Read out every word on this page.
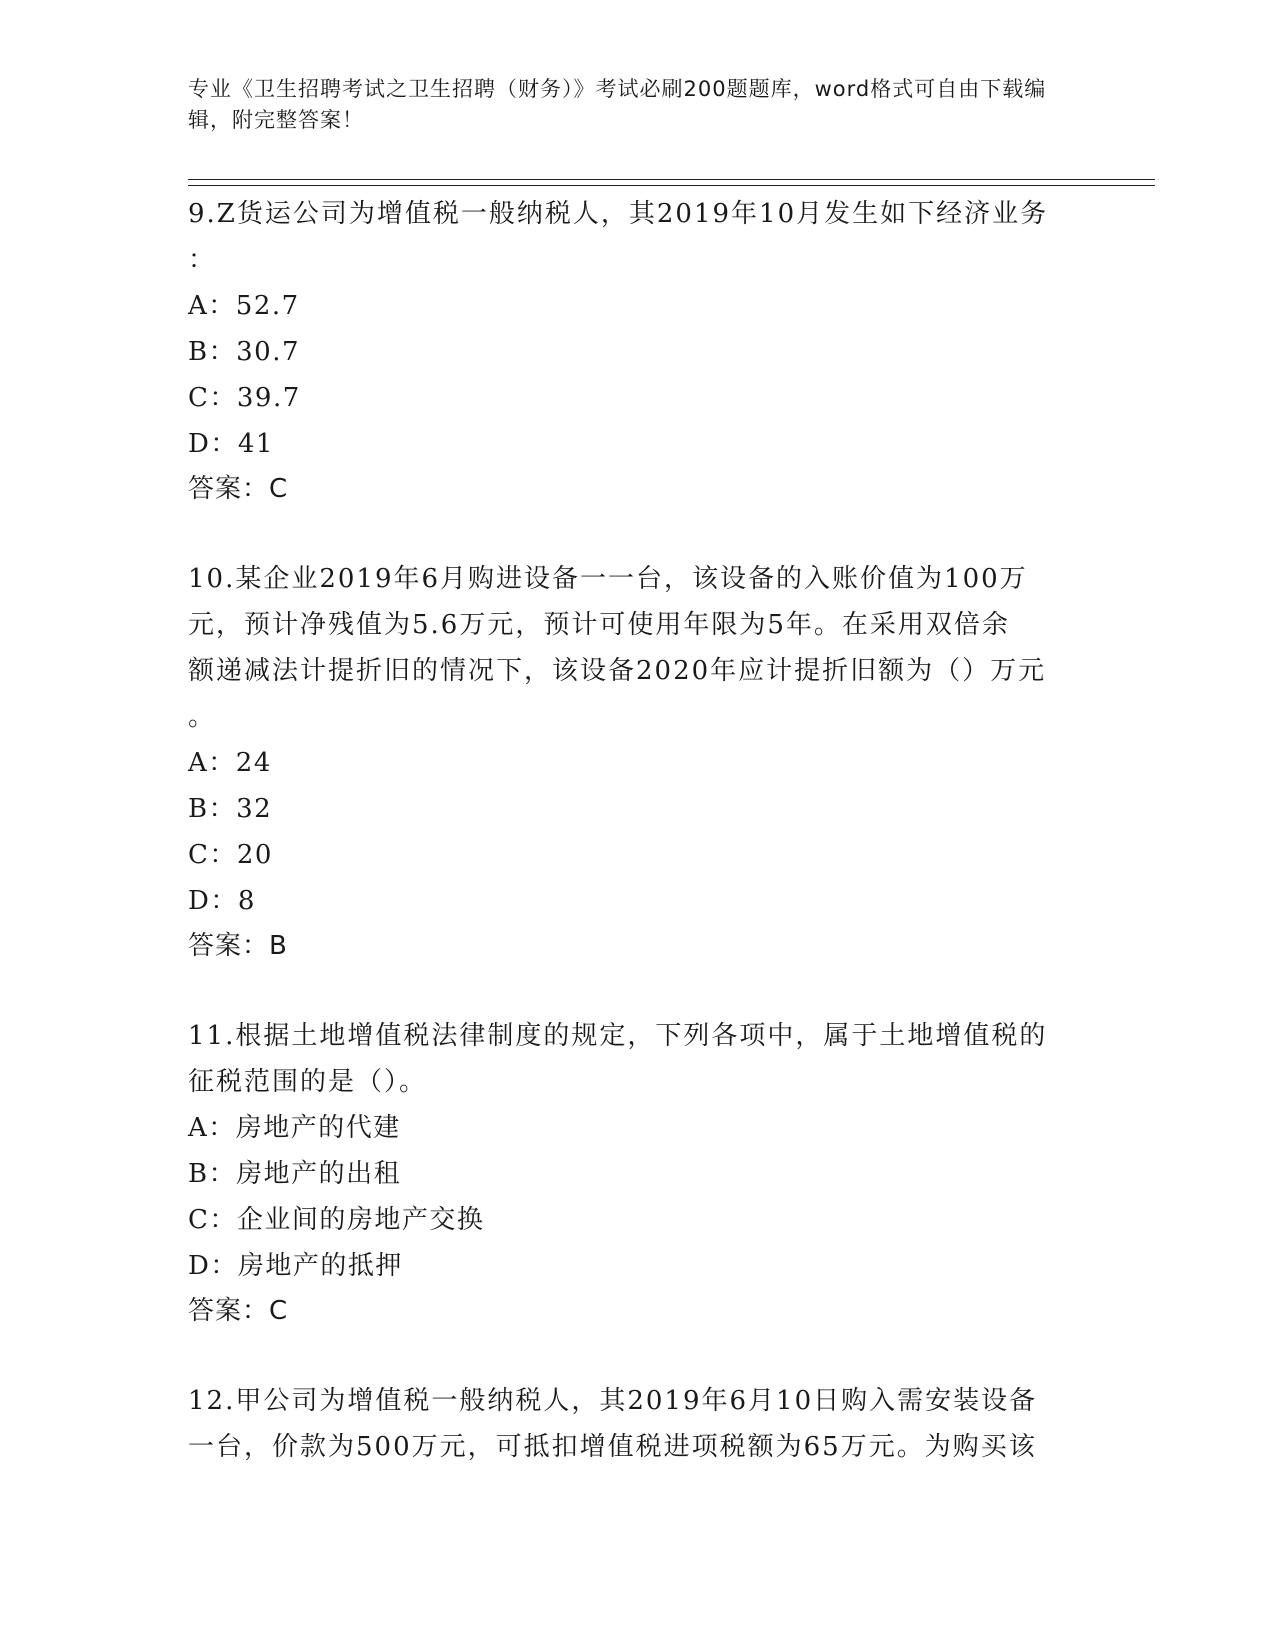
专业《卫生招聘考试之卫生招聘（财务）》考试必刷200题题库，word格式可自由下载编辑，附完整答案！

9.Z货运公司为增值税一般纳税人，其2019年10月发生如下经济业务

：

A：52.7

B：30.7

C：39.7

D：41

答案：C

10.某企业2019年6月购进设备一一台，该设备的入账价值为100万

元，预计净残值为5.6万元，预计可使用年限为5年。在采用双倍余

额递减法计提折旧的情况下，该设备2020年应计提折旧额为（）万元

。

A：24

B：32

C：20

D：8

答案：B

11.根据土地增值税法律制度的规定，下列各项中，属于土地增值税的

征税范围的是（）。

A：房地产的代建

B：房地产的出租

C：企业间的房地产交换

D：房地产的抵押

答案：C

12.甲公司为增值税一般纳税人，其2019年6月10日购入需安装设备

一台，价款为500万元，可抵扣增值税进项税额为65万元。为购买该
